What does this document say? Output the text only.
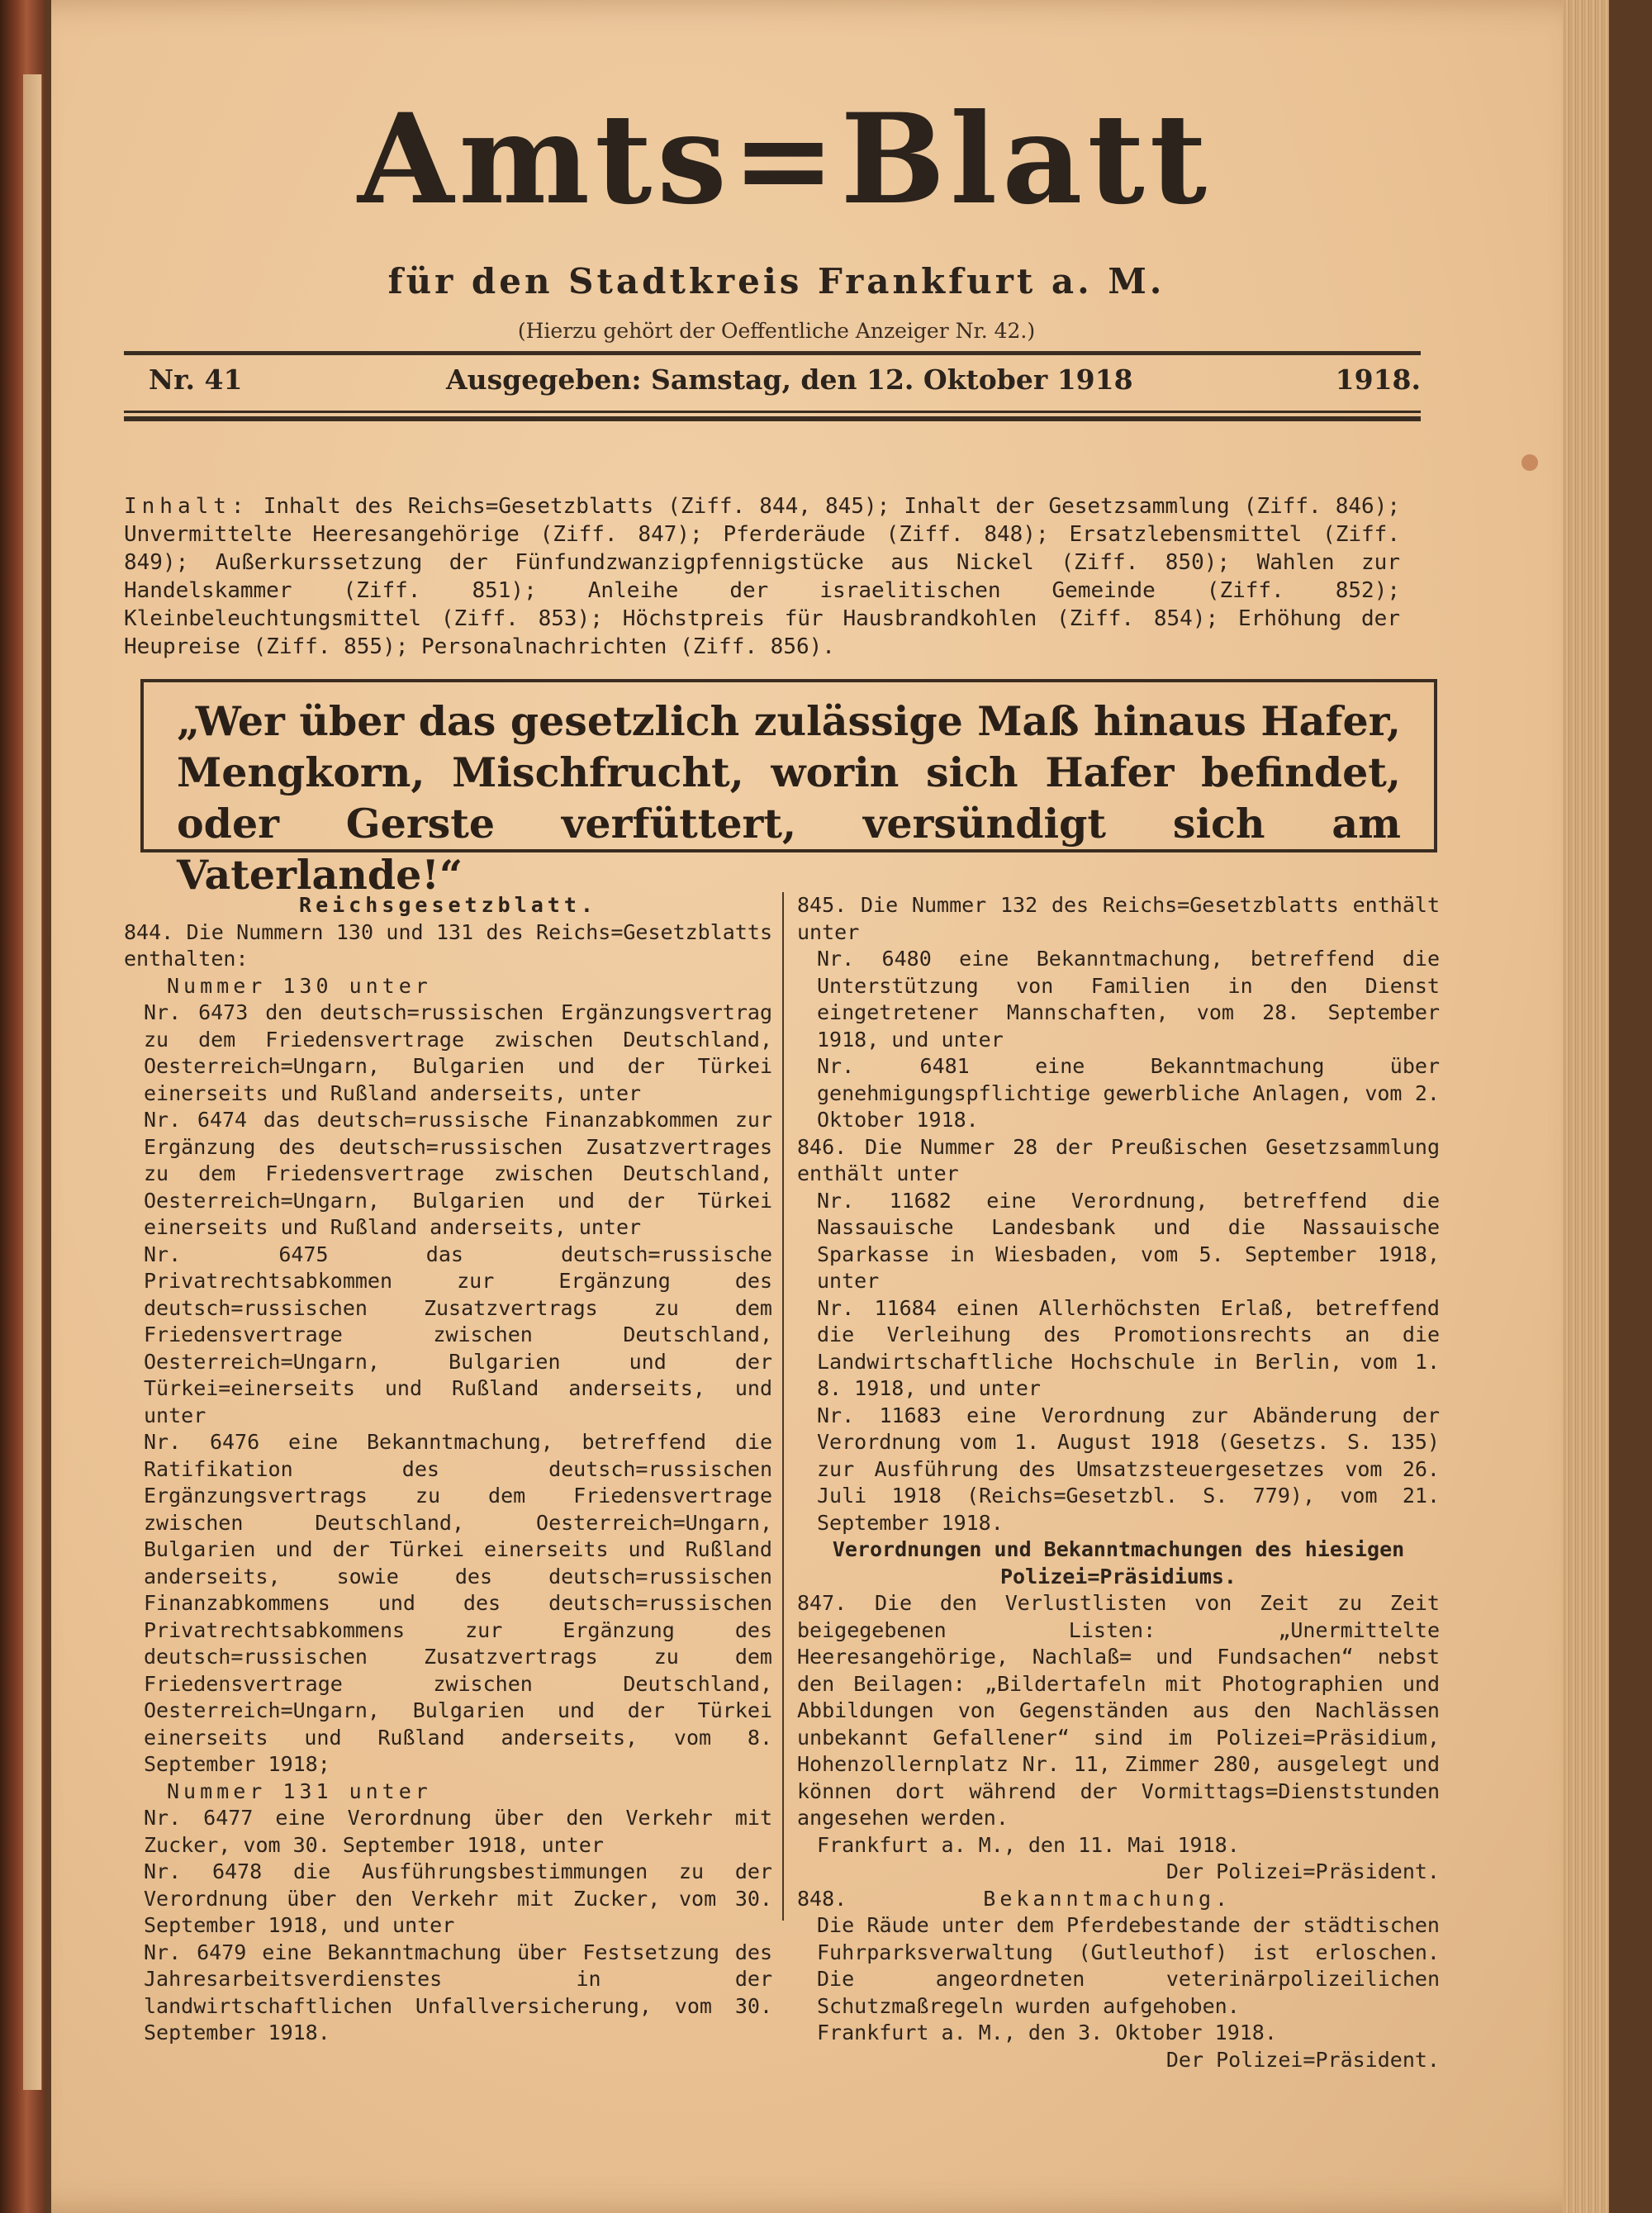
Amts=Blatt
für den Stadtkreis Frankfurt a. M.
(Hierzu gehört der Oeffentliche Anzeiger Nr. 42.)
Nr. 41	Ausgegeben: Samstag, den 12. Oktober 1918	1918.
Inhalt: Inhalt des Reichs=Gesetzblatts (Ziff. 844, 845); Inhalt der Gesetzsammlung (Ziff. 846); Unvermittelte Heeresangehörige (Ziff. 847); Pferderäude (Ziff. 848); Ersatzlebensmittel (Ziff. 849); Außerkurssetzung der Fünfundzwanzigpfennigstücke aus Nickel (Ziff. 850); Wahlen zur Handelskammer (Ziff. 851); Anleihe der israelitischen Gemeinde (Ziff. 852); Kleinbeleuchtungsmittel (Ziff. 853); Höchstpreis für Hausbrandkohlen (Ziff. 854); Erhöhung der Heupreise (Ziff. 855); Personalnachrichten (Ziff. 856).
„Wer über das gesetzlich zulässige Maß hinaus Hafer, Mengkorn, Mischfrucht, worin sich Hafer befindet, oder Gerste verfüttert, versündigt sich am Vaterlande!“

Reichsgesetzblatt.

844. Die Nummern 130 und 131 des Reichs=Gesetzblatts enthalten:

Nummer 130 unter

Nr. 6473 den deutsch=russischen Ergänzungsvertrag zu dem Friedensvertrage zwischen Deutschland, Oesterreich=Ungarn, Bulgarien und der Türkei einerseits und Rußland anderseits, unter

Nr. 6474 das deutsch=russische Finanzabkommen zur Ergänzung des deutsch=russischen Zusatzvertrages zu dem Friedensvertrage zwischen Deutschland, Oesterreich=Ungarn, Bulgarien und der Türkei einerseits und Rußland anderseits, unter

Nr. 6475 das deutsch=russische Privatrechtsabkommen zur Ergänzung des deutsch=russischen Zusatzvertrags zu dem Friedensvertrage zwischen Deutschland, Oesterreich=Ungarn, Bulgarien und der Türkei=einerseits und Rußland anderseits, und unter

Nr. 6476 eine Bekanntmachung, betreffend die Ratifikation des deutsch=russischen Ergänzungsvertrags zu dem Friedensvertrage zwischen Deutschland, Oesterreich=Ungarn, Bulgarien und der Türkei einerseits und Rußland anderseits, sowie des deutsch=russischen Finanzabkommens und des deutsch=russischen Privatrechtsabkommens zur Ergänzung des deutsch=russischen Zusatzvertrags zu dem Friedensvertrage zwischen Deutschland, Oesterreich=Ungarn, Bulgarien und der Türkei einerseits und Rußland anderseits, vom 8. September 1918;

Nummer 131 unter

Nr. 6477 eine Verordnung über den Verkehr mit Zucker, vom 30. September 1918, unter

Nr. 6478 die Ausführungsbestimmungen zu der Verordnung über den Verkehr mit Zucker, vom 30. September 1918, und unter

Nr. 6479 eine Bekanntmachung über Festsetzung des Jahresarbeitsverdienstes in der landwirtschaftlichen Unfallversicherung, vom 30. September 1918.

845. Die Nummer 132 des Reichs=Gesetzblatts enthält unter

Nr. 6480 eine Bekanntmachung, betreffend die Unterstützung von Familien in den Dienst eingetretener Mannschaften, vom 28. September 1918, und unter

Nr. 6481 eine Bekanntmachung über genehmigungspflichtige gewerbliche Anlagen, vom 2. Oktober 1918.

846. Die Nummer 28 der Preußischen Gesetzsammlung enthält unter

Nr. 11682 eine Verordnung, betreffend die Nassauische Landesbank und die Nassauische Sparkasse in Wiesbaden, vom 5. September 1918, unter

Nr. 11684 einen Allerhöchsten Erlaß, betreffend die Verleihung des Promotionsrechts an die Landwirtschaftliche Hochschule in Berlin, vom 1. 8. 1918, und unter

Nr. 11683 eine Verordnung zur Abänderung der Verordnung vom 1. August 1918 (Gesetzs. S. 135) zur Ausführung des Umsatzsteuergesetzes vom 26. Juli 1918 (Reichs=Gesetzbl. S. 779), vom 21. September 1918.

Verordnungen und Bekanntmachungen des hiesigen Polizei=Präsidiums.

847. Die den Verlustlisten von Zeit zu Zeit beigegebenen Listen: „Unermittelte Heeresangehörige, Nachlaß= und Fundsachen“ nebst den Beilagen: „Bildertafeln mit Photographien und Abbildungen von Gegenständen aus den Nachlässen unbekannt Gefallener“ sind im Polizei=Präsidium, Hohenzollernplatz Nr. 11, Zimmer 280, ausgelegt und können dort während der Vormittags=Dienststunden angesehen werden.

Frankfurt a. M., den 11. Mai 1918.

Der Polizei=Präsident.

848.	Bekanntmachung.

Die Räude unter dem Pferdebestande der städtischen Fuhrparksverwaltung (Gutleuthof) ist erloschen. Die angeordneten veterinärpolizeilichen Schutzmaßregeln wurden aufgehoben.

Frankfurt a. M., den 3. Oktober 1918.

Der Polizei=Präsident.
